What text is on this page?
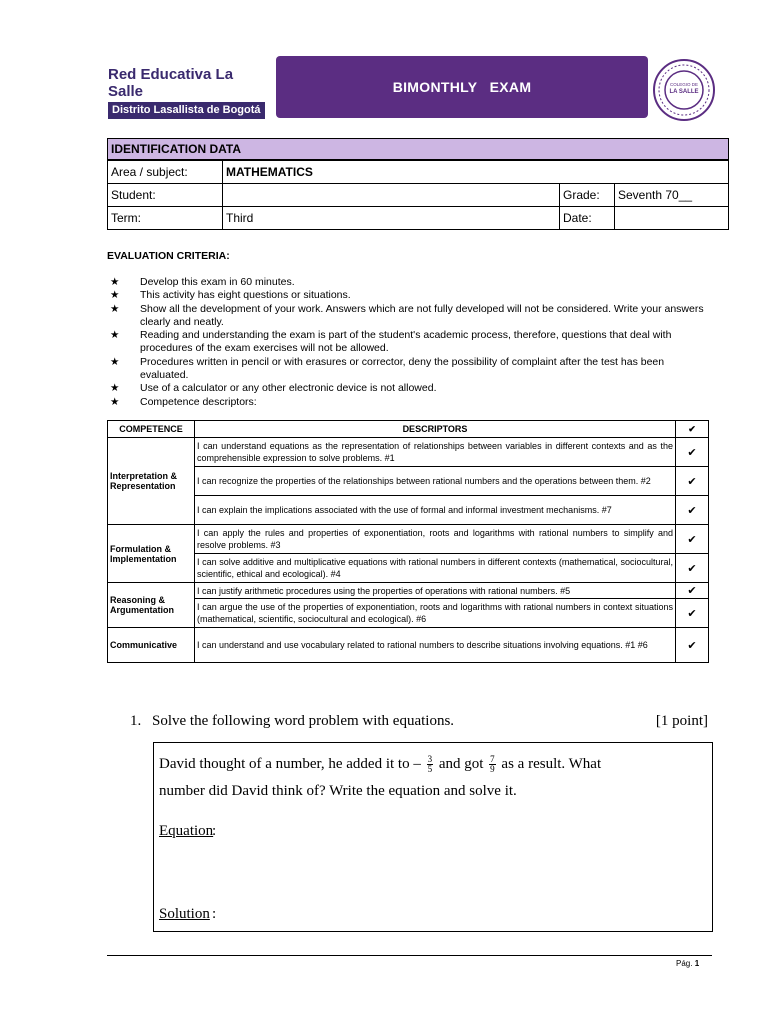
Red Educativa La Salle
Distrito Lasallista de Bogotá
BIMONTHLY   EXAM	COLEGIO DE
LA SALLE
IDENTIFICATION DATA			
Area / subject:	MATHEMATICS		
Student:		Grade:	Seventh 70__
Term:	Third	Date:	
EVALUATION CRITERIA:
★ Develop this exam in 60 minutes.
★ This activity has eight questions or situations.
★ Show all the development of your work. Answers which are not fully developed will not be considered. Write your answers clearly and neatly.
★ Reading and understanding the exam is part of the student's academic process, therefore, questions that deal with procedures of the exam exercises will not be allowed.
★ Procedures written in pencil or with erasures or corrector, deny the possibility of complaint after the test has been evaluated.
★ Use of a calculator or any other electronic device is not allowed.
★ Competence descriptors:
COMPETENCE	DESCRIPTORS	✔
Interpretation & Representation	I can understand equations as the representation of relationships between variables in different contexts and as the comprehensible expression to solve problems. #1	✔
	I can recognize the properties of the relationships between rational numbers and the operations between them. #2	✔
	I can explain the implications associated with the use of formal and informal investment mechanisms. #7	✔
Formulation & Implementation	I can apply the rules and properties of exponentiation, roots and logarithms with rational numbers to simplify and resolve problems. #3	✔
	I can solve additive and multiplicative equations with rational numbers in different contexts (mathematical, sociocultural, scientific, ethical and ecological). #4	✔
Reasoning & Argumentation	I can justify arithmetic procedures using the properties of operations with rational numbers. #5	✔
	I can argue the use of the properties of exponentiation, roots and logarithms with rational numbers in context situations (mathematical, scientific, sociocultural and ecological). #6	✔
Communicative	I can understand and use vocabulary related to rational numbers to describe situations involving equations. #1 #6	✔
1. Solve the following word problem with equations.	[1 point]
David thought of a number, he added it to – $\frac{3}{5}$ and got $\frac{7}{9}$ as a result. What
number did David think of? Write the equation and solve it.
Equation
:
Solution :
Pág. 1
